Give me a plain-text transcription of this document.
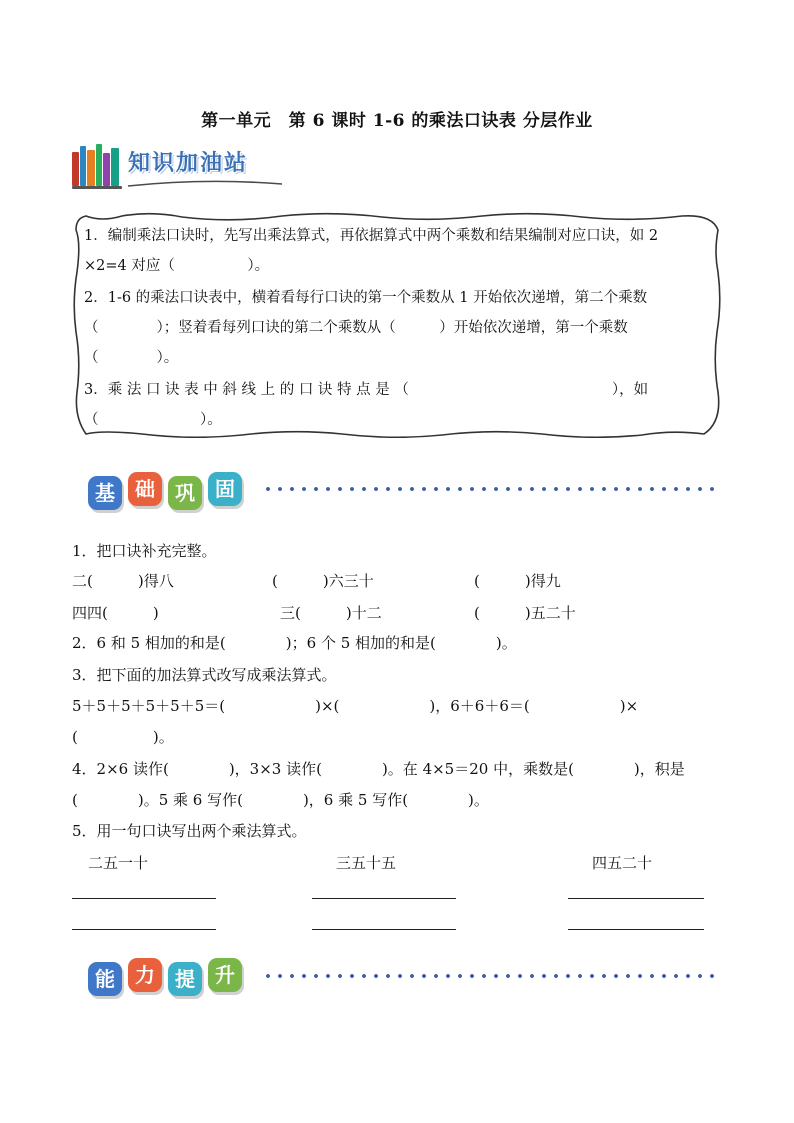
第一单元　第 6 课时 1-6 的乘法口诀表 分层作业
知识加油站
1．编制乘法口诀时，先写出乘法算式，再依据算式中两个乘数和结果编制对应口诀，如 2
×2=4 对应（　　　　　）。
2．1-6 的乘法口诀表中，横着看每行口诀的第一个乘数从 1 开始依次递增，第二个乘数
（　　　　）；竖着看每列口诀的第二个乘数从（　　　）开始依次递增，第一个乘数
（　　　　）。
3．乘 法 口 诀 表 中 斜 线 上 的 口 诀 特 点 是 （　　　　　　　　　　　　　　），如
（　　　　　　　）。
基	础	巩	固
1．把口诀补充完整。
二(　　　)得八	(　　　)六三十	(　　　)得九
四四(　　　)	三(　　　)十二	(　　　)五二十
2．6 和 5 相加的和是(　　　　)；6 个 5 相加的和是(　　　　)。
3．把下面的加法算式改写成乘法算式。
5＋5＋5＋5＋5＋5＝(　　　　　　)×(　　　　　　)，6＋6＋6＝(　　　　　　)×
(　　　　　)。
4．2×6 读作(　　　　)，3×3 读作(　　　　)。在 4×5＝20 中，乘数是(　　　　)，积是
(　　　　)。5 乘 6 写作(　　　　)，6 乘 5 写作(　　　　)。
5．用一句口诀写出两个乘法算式。
二五一十	三五十五	四五二十
能	力	提	升
